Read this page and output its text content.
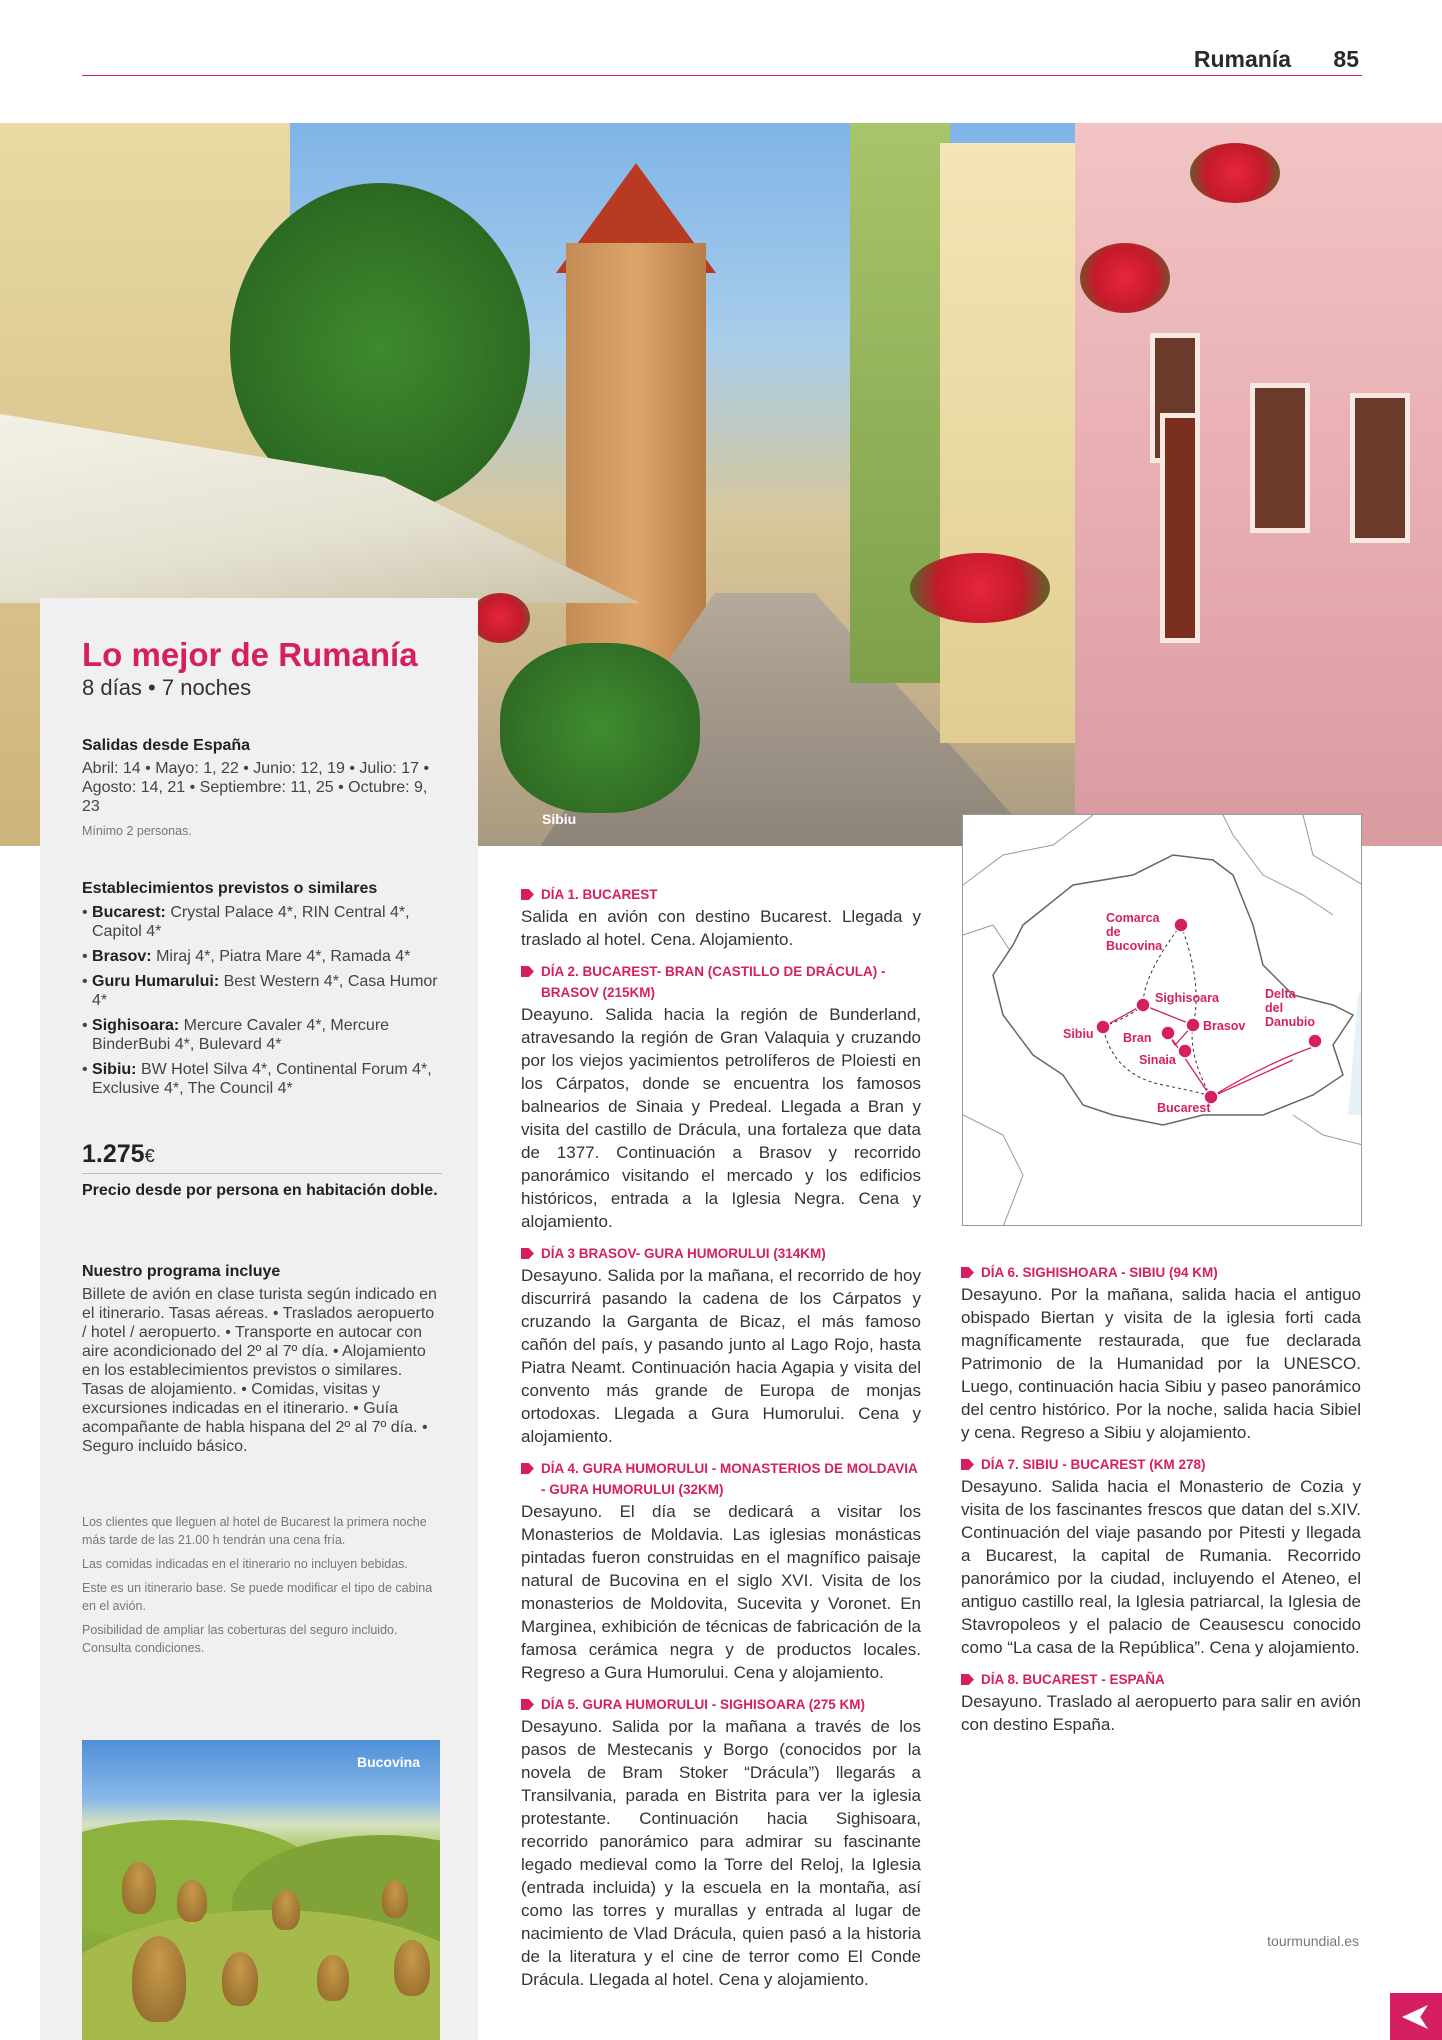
Rumanía 85
Sibiu
Lo mejor de Rumanía
8 días • 7 noches
Salidas desde España
Abril: 14 • Mayo: 1, 22 • Junio: 12, 19 • Julio: 17 • Agosto: 14, 21 • Septiembre: 11, 25 • Octubre: 9, 23
Mínimo 2 personas.
Establecimientos previstos o similares
• Bucarest: Crystal Palace 4*, RIN Central 4*, Capitol 4*
• Brasov: Miraj 4*, Piatra Mare 4*, Ramada 4*
• Guru Humarului: Best Western 4*, Casa Humor 4*
• Sighisoara: Mercure Cavaler 4*, Mercure BinderBubi 4*, Bulevard 4*
• Sibiu: BW Hotel Silva 4*, Continental Forum 4*, Exclusive 4*, The Council 4*
1.275€
Precio desde por persona en habitación doble.
Nuestro programa incluye
Billete de avión en clase turista según indicado en el itinerario. Tasas aéreas. • Traslados aeropuerto / hotel / aeropuerto. • Transporte en autocar con aire acondicionado del 2º al 7º día. • Alojamiento en los establecimientos previstos o similares. Tasas de alojamiento. • Comidas, visitas y excursiones indicadas en el itinerario. • Guía acompañante de habla hispana del 2º al 7º día. • Seguro incluido básico.

Los clientes que lleguen al hotel de Bucarest la primera noche más tarde de las 21.00 h tendrán una cena fría.

Las comidas indicadas en el itinerario no incluyen bebidas.

Este es un itinerario base. Se puede modificar el tipo de cabina en el avión.

Posibilidad de ampliar las coberturas del seguro incluido. Consulta condiciones.

Bucovina
DÍA 1. BUCAREST
Salida en avión con destino Bucarest. Llegada y traslado al hotel. Cena. Alojamiento.
DÍA 2. BUCAREST- BRAN (CASTILLO DE DRÁCULA) - BRASOV (215KM)
Deayuno. Salida hacia la región de Bunderland, atravesando la región de Gran Valaquia y cruzando por los viejos yacimientos petrolíferos de Ploiesti en los Cárpatos, donde se encuentra los famosos balnearios de Sinaia y Predeal. Llegada a Bran y visita del castillo de Drácula, una fortaleza que data de 1377. Continuación a Brasov y recorrido panorámico visitando el mercado y los edificios históricos, entrada a la Iglesia Negra. Cena y alojamiento.
DÍA 3 BRASOV- GURA HUMORULUI (314KM)
Desayuno. Salida por la mañana, el recorrido de hoy discurrirá pasando la cadena de los Cárpatos y cruzando la Garganta de Bicaz, el más famoso cañón del país, y pasando junto al Lago Rojo, hasta Piatra Neamt. Continuación hacia Agapia y visita del convento más grande de Europa de monjas ortodoxas. Llegada a Gura Humorului. Cena y alojamiento.
DÍA 4. GURA HUMORULUI - MONASTERIOS DE MOLDAVIA - GURA HUMORULUI (32KM)
Desayuno. El día se dedicará a visitar los Monasterios de Moldavia. Las iglesias monásticas pintadas fueron construidas en el magnífico paisaje natural de Bucovina en el siglo XVI. Visita de los monasterios de Moldovita, Sucevita y Voronet. En Marginea, exhibición de técnicas de fabricación de la famosa cerámica negra y de productos locales. Regreso a Gura Humorului. Cena y alojamiento.
DÍA 5. GURA HUMORULUI - SIGHISOARA (275 KM)
Desayuno. Salida por la mañana a través de los pasos de Mestecanis y Borgo (conocidos por la novela de Bram Stoker “Drácula”) llegarás a Transilvania, parada en Bistrita para ver la iglesia protestante. Continuación hacia Sighisoara, recorrido panorámico para admirar su fascinante legado medieval como la Torre del Reloj, la Iglesia (entrada incluida) y la escuela en la montaña, así como las torres y murallas y entrada al lugar de nacimiento de Vlad Drácula, quien pasó a la historia de la literatura y el cine de terror como El Conde Drácula. Llegada al hotel. Cena y alojamiento.
Comarca de Bucovina
Sighisoara
Sibiu Bran
Brasov
Sinaia
Delta del Danubio
Bucarest
DÍA 6. SIGHISHOARA - SIBIU (94 KM)
Desayuno. Por la mañana, salida hacia el antiguo obispado Biertan y visita de la iglesia forti cada magníficamente restaurada, que fue declarada Patrimonio de la Humanidad por la UNESCO. Luego, continuación hacia Sibiu y paseo panorámico del centro histórico. Por la noche, salida hacia Sibiel y cena. Regreso a Sibiu y alojamiento.
DÍA 7. SIBIU - BUCAREST (KM 278)
Desayuno. Salida hacia el Monasterio de Cozia y visita de los fascinantes frescos que datan del s.XIV. Continuación del viaje pasando por Pitesti y llegada a Bucarest, la capital de Rumania. Recorrido panorámico por la ciudad, incluyendo el Ateneo, el antiguo castillo real, la Iglesia patriarcal, la Iglesia de Stavropoleos y el palacio de Ceausescu conocido como “La casa de la República”. Cena y alojamiento.
DÍA 8. BUCAREST - ESPAÑA
Desayuno. Traslado al aeropuerto para salir en avión con destino España.
tourmundial.es
